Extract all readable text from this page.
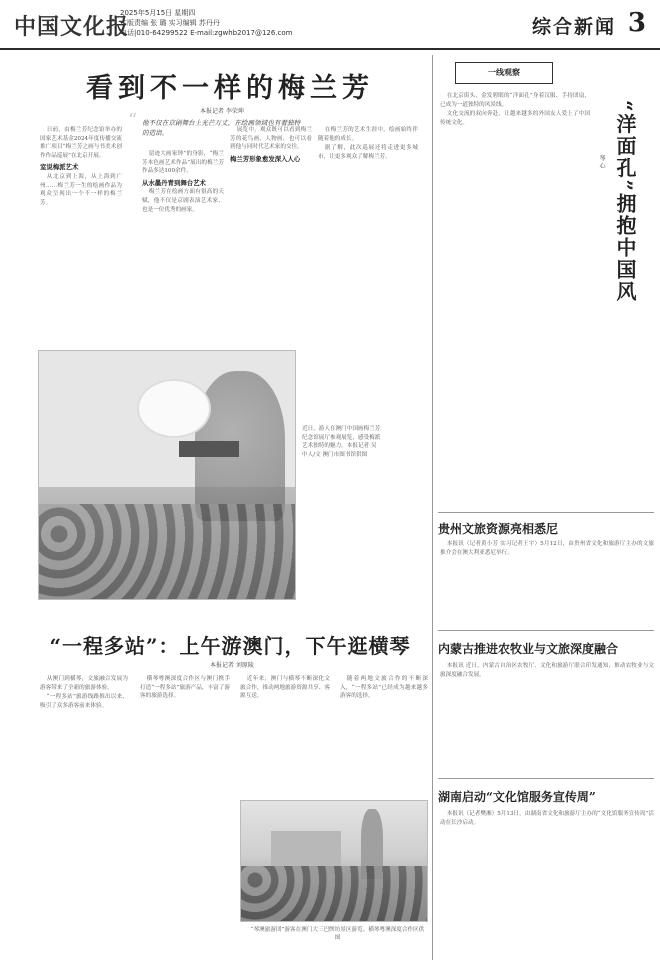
中国文化报
2025年5月15日 星期四
本版责编 张 璐 实习编辑 苏丹丹
电话|010-64299522 E-mail:zgwhb2017@126.com	综合新闻 3
看到不一样的梅兰芳
本报记者 李荣坤
“ 他不仅在京剧舞台上光芒万丈，在绘画领域也有着独特的造诣。

日前，由梅兰芳纪念馆举办的国家艺术基金2024年度传播交流推广项目“梅兰芳之画与书美术创作作品巡展”在北京开展。

室说梅派艺术

从北京到上海，从上海到广州……梅兰芳一生的绘画作品为观众呈现出一个不一样的梅兰芳。

留迹大画家钟”的身影，“梅兰芳本色画艺术作品”展出的梅兰芳作品多达100余件。

从水墨丹青到舞台艺术

梅兰芳在绘画方面有很高的天赋，他不仅是京剧表演艺术家，也是一位优秀的画家。

展览中，观众既可以看到梅兰芳的花鸟画、人物画，也可以看到他与同时代艺术家的交往。

梅兰芳形象愈发深入人心

在梅兰芳的艺术生涯中，绘画始终伴随着他的成长。

据了解，此次巡展还将走进更多城市，让更多观众了解梅兰芳。

近日，游人在澳门中国画梅兰芳纪念馆展厅参观展览，感受梅派艺术独特的魅力。本报记者 吴中人/文 澳门市图书馆供图
“一程多站”：上午游澳门，下午逛横琴
本报记者 刘原陵

从澳门到横琴，文旅融合发展为游客带来了全新的旅游体验。

“一程多站”旅游线路推出以来，吸引了众多游客前来体验。

横琴粤澳深度合作区与澳门携手打造“一程多站”旅游产品，丰富了游客的旅游选择。

近年来，澳门与横琴不断深化文旅合作，推动两地旅游资源共享、客源互送。

随着两地文旅合作的不断深入，“一程多站”已经成为越来越多游客的选择。

“琴澳旅游团”游客在澳门大三巴牌坊景区游览。横琴粤澳深度合作区供图
一线观察
“洋面孔”拥抱中国风
琴 心

在北京街头，金发碧眼的“洋面孔”身着汉服、手持团扇，已成为一道独特的风景线。

文化交流的双向奔赴，让越来越多的外国友人爱上了中国传统文化。

贵州文旅资源亮相悉尼

本报讯（记者黄小芳 实习记者王宇）5月12日，由贵州省文化和旅游厅主办的文旅推介会在澳大利亚悉尼举行。

内蒙古推进农牧业与文旅深度融合

本报讯 近日，内蒙古自治区农牧厅、文化和旅游厅联合印发通知，推动农牧业与文旅深度融合发展。

湖南启动“文化馆服务宣传周”

本报讯（记者樊湘）5月13日，由湖南省文化和旅游厅主办的“文化馆服务宣传周”活动在长沙启动。
